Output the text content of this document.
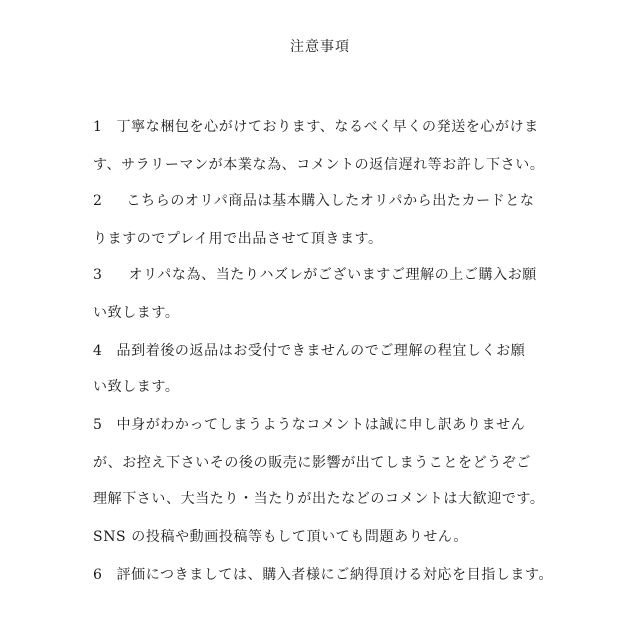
注意事項
1 丁寧な梱包を心がけております、なるべく早くの発送を心がけま
す、サラリーマンが本業な為、コメントの返信遅れ等お許し下さい。
2 こちらのオリパ商品は基本購入したオリパから出たカードとな
りますのでプレイ用で出品させて頂きます。
3 オリパな為、当たりハズレがございますご理解の上ご購入お願
い致します。
4 品到着後の返品はお受付できませんのでご理解の程宜しくお願
い致します。
5 中身がわかってしまうようなコメントは誠に申し訳ありません
が、お控え下さいその後の販売に影響が出てしまうことをどうぞご
理解下さい、大当たり・当たりが出たなどのコメントは大歓迎です。
SNS の投稿や動画投稿等もして頂いても問題ありせん。
6 評価につきましては、購入者様にご納得頂ける対応を目指します。
